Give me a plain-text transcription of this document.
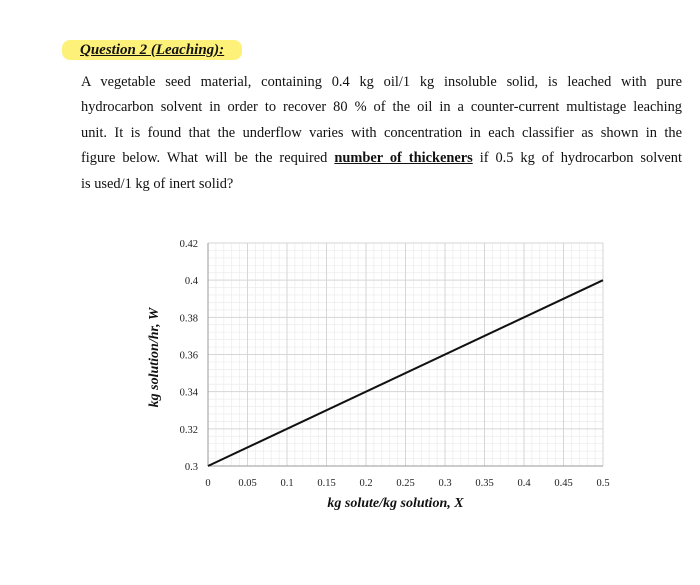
Question 2 (Leaching):
A vegetable seed material, containing 0.4 kg oil/1 kg insoluble solid, is leached with pure
hydrocarbon solvent in order to recover 80 % of the oil in a counter-current multistage leaching
unit. It is found that the underflow varies with concentration in each classifier as shown in the
figure below. What will be the required number of thickeners if 0.5 kg of hydrocarbon solvent
is used/1 kg of inert solid?
0	0.05 0.1 0.15 0.2 0.25 0.3 0.35 0.4 0.45 0.5
0.3
0.32
0.34
0.36
0.38
0.4
0.42
kg solute/kg solution, X
kg solution/hr, W
